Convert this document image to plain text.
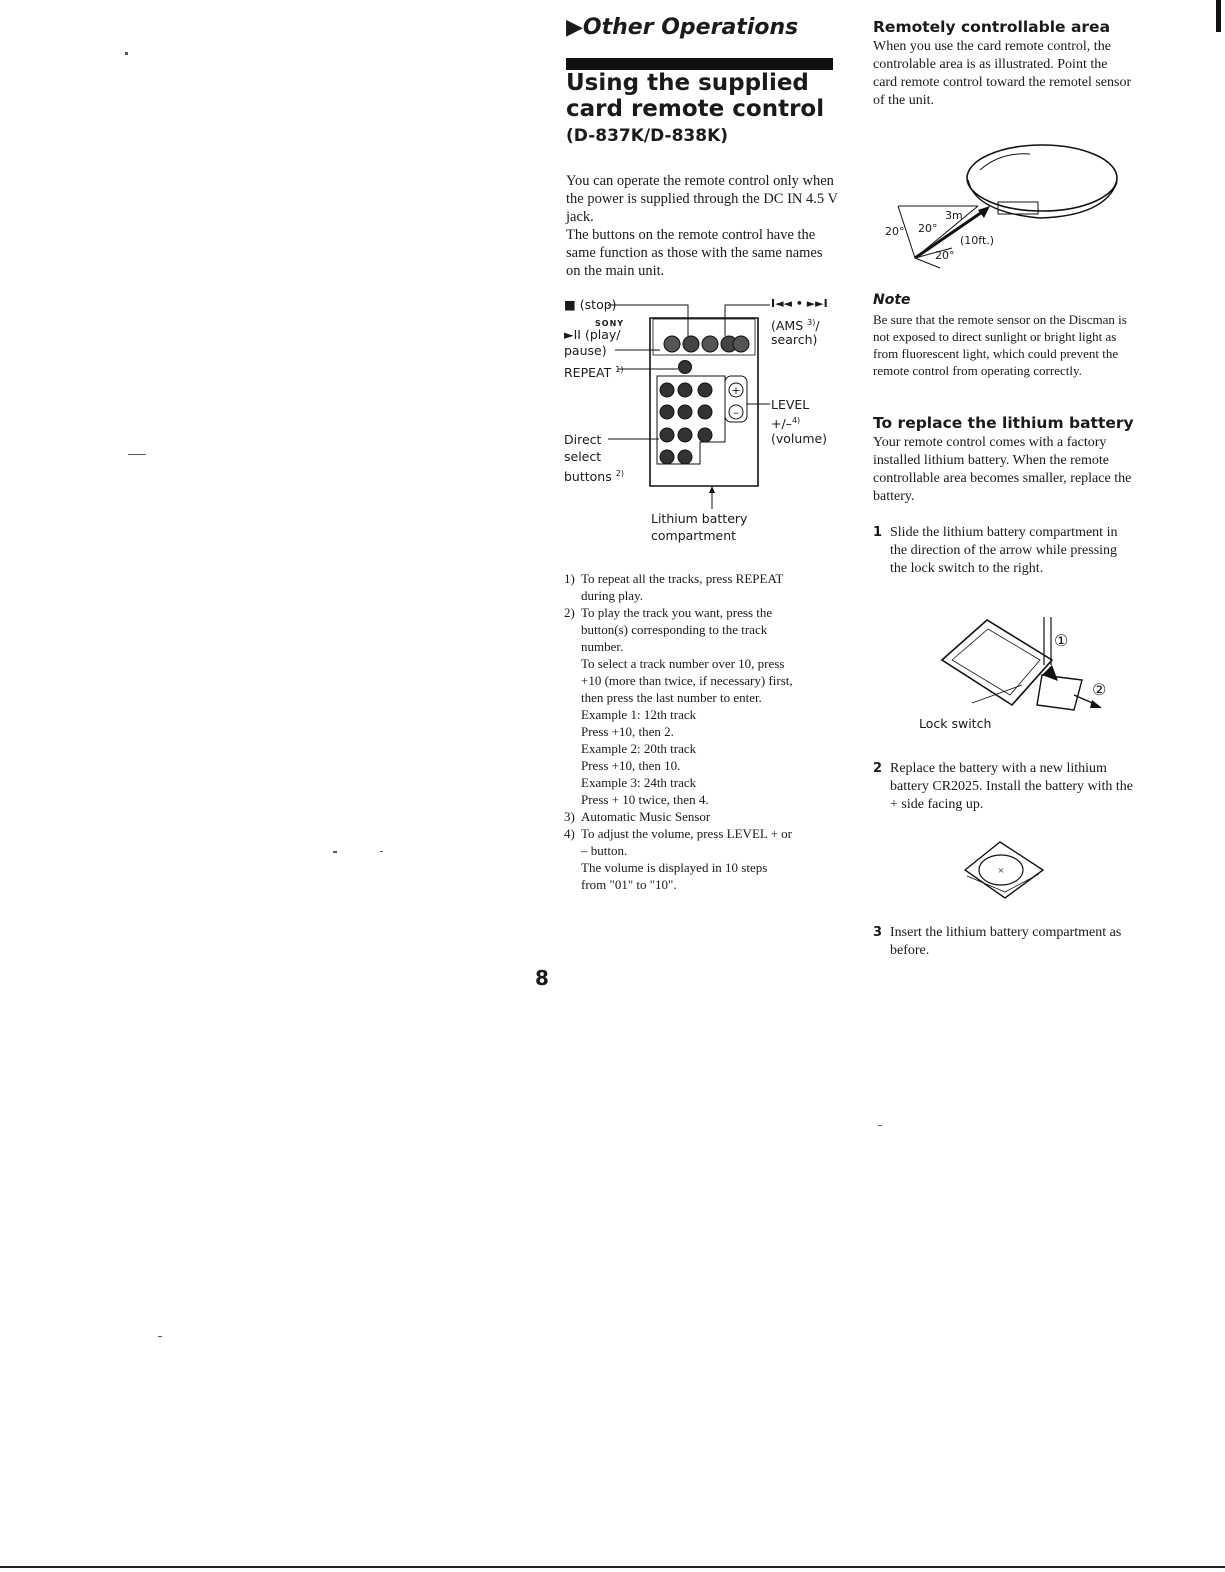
▶Other Operations
Using the supplied card remote control
(D-837K/D-838K)

You can operate the remote control only when the power is supplied through the DC IN 4.5 V jack.

The buttons on the remote control have the same function as those with the same names on the main unit.

+
–
SONY
■ (stop)
►II (play/
pause)
REPEAT $^{1)}$
Direct
select
buttons $^{2)}$
I◄◄ • ►►I
(AMS $^{3)}$/
search)
LEVEL
+/–$^{4)}$
(volume)
Lithium battery
compartment
1) To repeat all the tracks, press REPEAT
during play.
2) To play the track you want, press the
button(s) corresponding to the track
number.
To select a track number over 10, press
+10 (more than twice, if necessary) first,
then press the last number to enter.
Example 1: 12th track
Press +10, then 2.
Example 2: 20th track
Press +10, then 10.
Example 3: 24th track
Press + 10 twice, then 4.
3) Automatic Music Sensor
4) To adjust the volume, press LEVEL + or
– button.
The volume is displayed in 10 steps
from "01" to "10".
8
Remotely controllable area
When you use the card remote control, the controlable area is as illustrated. Point the card remote control toward the remotel sensor of the unit.
3m
20° 20°
(10ft.)
20°
Note
Be sure that the remote sensor on the Discman is not exposed to direct sunlight or bright light as from fluorescent light, which could prevent the remote control from operating correctly.
To replace the lithium battery
Your remote control comes with a factory installed lithium battery. When the remote controllable area becomes smaller, replace the battery.
1 Slide the lithium battery compartment in the direction of the arrow while pressing the lock switch to the right.
①
②
Lock switch
2 Replace the battery with a new lithium battery CR2025. Install the battery with the + side facing up.
×
3 Insert the lithium battery compartment as before.
